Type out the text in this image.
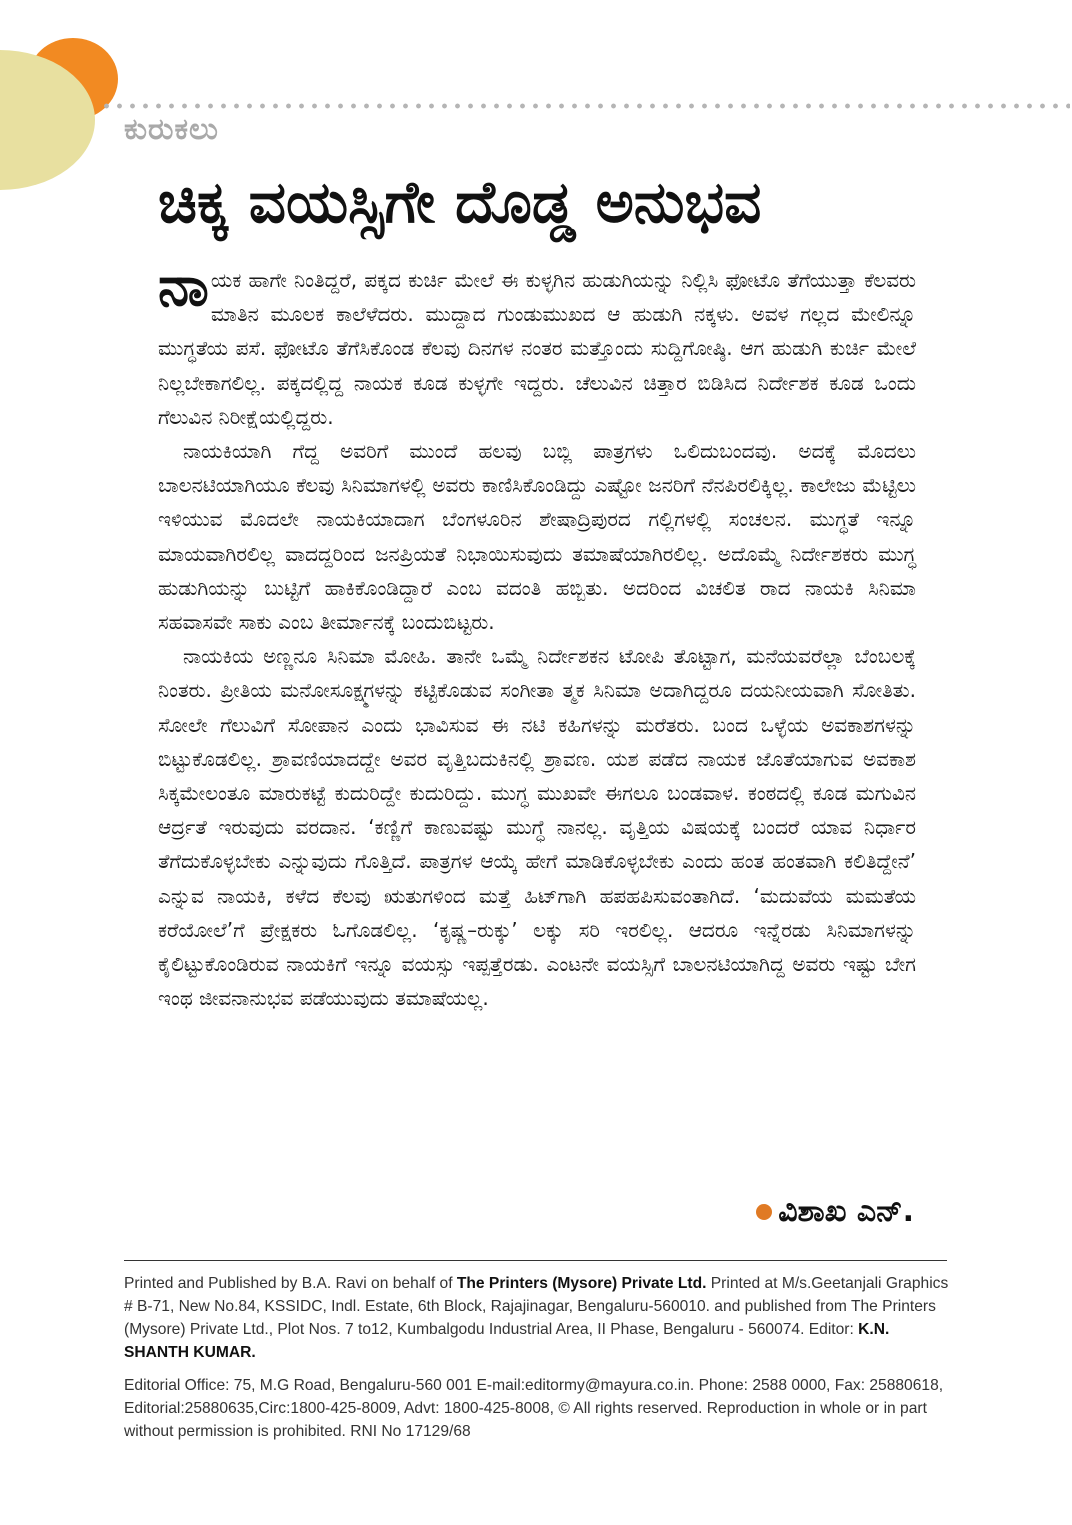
ಕುರುಕಲು
ಚಿಕ್ಕ ವಯಸ್ಸಿಗೇ ದೊಡ್ಡ ಅನುಭವ

ನಾಯಕ ಹಾಗೇ ನಿಂತಿದ್ದರೆ, ಪಕ್ಕದ ಕುರ್ಚಿ ಮೇಲೆ ಈ ಕುಳ್ಳಗಿನ ಹುಡುಗಿಯನ್ನು ನಿಲ್ಲಿಸಿ ಫೋಟೊ ತೆಗೆಯುತ್ತಾ ಕೆಲವರು ಮಾತಿನ ಮೂಲಕ ಕಾಲೆಳೆದರು. ಮುದ್ದಾದ ಗುಂಡುಮುಖದ ಆ ಹುಡುಗಿ ನಕ್ಕಳು. ಅವಳ ಗಲ್ಲದ ಮೇಲಿನ್ನೂ ಮುಗ್ಧತೆಯ ಪಸೆ. ಫೋಟೊ ತೆಗೆಸಿಕೊಂಡ ಕೆಲವು ದಿನಗಳ ನಂತರ ಮತ್ತೊಂದು ಸುದ್ದಿಗೋಷ್ಠಿ. ಆಗ ಹುಡುಗಿ ಕುರ್ಚಿ ಮೇಲೆ ನಿಲ್ಲಬೇಕಾಗಲಿಲ್ಲ. ಪಕ್ಕದಲ್ಲಿದ್ದ ನಾಯಕ ಕೂಡ ಕುಳ್ಳಗೇ ಇದ್ದರು. ಚೆಲುವಿನ ಚಿತ್ತಾರ ಬಿಡಿಸಿದ ನಿರ್ದೇಶಕ ಕೂಡ ಒಂದು ಗೆಲುವಿನ ನಿರೀಕ್ಷೆಯಲ್ಲಿದ್ದರು.

ನಾಯಕಿಯಾಗಿ ಗೆದ್ದ ಅವರಿಗೆ ಮುಂದೆ ಹಲವು ಬಬ್ಲಿ ಪಾತ್ರಗಳು ಒಲಿದುಬಂದವು. ಅದಕ್ಕೆ ಮೊದಲು ಬಾಲನಟಿಯಾಗಿಯೂ ಕೆಲವು ಸಿನಿಮಾಗಳಲ್ಲಿ ಅವರು ಕಾಣಿಸಿಕೊಂಡಿದ್ದು ಎಷ್ಟೋ ಜನರಿಗೆ ನೆನಪಿರಲಿಕ್ಕಿಲ್ಲ. ಕಾಲೇಜು ಮೆಟ್ಟಿಲು ಇಳಿಯುವ ಮೊದಲೇ ನಾಯಕಿಯಾದಾಗ ಬೆಂಗಳೂರಿನ ಶೇಷಾದ್ರಿಪುರದ ಗಲ್ಲಿಗಳಲ್ಲಿ ಸಂಚಲನ. ಮುಗ್ಧತೆ ಇನ್ನೂ ಮಾಯವಾಗಿರಲಿಲ್ಲ ವಾದದ್ದರಿಂದ ಜನಪ್ರಿಯತೆ ನಿಭಾಯಿಸುವುದು ತಮಾಷೆಯಾಗಿರಲಿಲ್ಲ. ಅದೊಮ್ಮೆ ನಿರ್ದೇಶಕರು ಮುಗ್ಧ ಹುಡುಗಿಯನ್ನು ಬುಟ್ಟಿಗೆ ಹಾಕಿಕೊಂಡಿದ್ದಾರೆ ಎಂಬ ವದಂತಿ ಹಬ್ಬಿತು. ಅದರಿಂದ ವಿಚಲಿತ ರಾದ ನಾಯಕಿ ಸಿನಿಮಾ ಸಹವಾಸವೇ ಸಾಕು ಎಂಬ ತೀರ್ಮಾನಕ್ಕೆ ಬಂದುಬಿಟ್ಟರು.

ನಾಯಕಿಯ ಅಣ್ಣನೂ ಸಿನಿಮಾ ಮೋಹಿ. ತಾನೇ ಒಮ್ಮೆ ನಿರ್ದೇಶಕನ ಟೋಪಿ ತೊಟ್ಟಾಗ, ಮನೆಯವರೆಲ್ಲಾ ಬೆಂಬಲಕ್ಕೆ ನಿಂತರು. ಪ್ರೀತಿಯ ಮನೋಸೂಕ್ಷ್ಮಗಳನ್ನು ಕಟ್ಟಿಕೊಡುವ ಸಂಗೀತಾ ತ್ಮಕ ಸಿನಿಮಾ ಅದಾಗಿದ್ದರೂ ದಯನೀಯವಾಗಿ ಸೋತಿತು. ಸೋಲೇ ಗೆಲುವಿಗೆ ಸೋಪಾನ ಎಂದು ಭಾವಿಸುವ ಈ ನಟಿ ಕಹಿಗಳನ್ನು ಮರೆತರು. ಬಂದ ಒಳ್ಳೆಯ ಅವಕಾಶಗಳನ್ನು ಬಿಟ್ಟುಕೊಡಲಿಲ್ಲ. ಶ್ರಾವಣಿಯಾದದ್ದೇ ಅವರ ವೃತ್ತಿಬದುಕಿನಲ್ಲಿ ಶ್ರಾವಣ. ಯಶ ಪಡೆದ ನಾಯಕ ಜೊತೆಯಾಗುವ ಅವಕಾಶ ಸಿಕ್ಕಮೇಲಂತೂ ಮಾರುಕಟ್ಟೆ ಕುದುರಿದ್ದೇ ಕುದುರಿದ್ದು. ಮುಗ್ಧ ಮುಖವೇ ಈಗಲೂ ಬಂಡವಾಳ. ಕಂಠದಲ್ಲಿ ಕೂಡ ಮಗುವಿನ ಆರ್ದ್ರತೆ ಇರುವುದು ವರದಾನ. ‘ಕಣ್ಣಿಗೆ ಕಾಣುವಷ್ಟು ಮುಗ್ಧೆ ನಾನಲ್ಲ. ವೃತ್ತಿಯ ವಿಷಯಕ್ಕೆ ಬಂದರೆ ಯಾವ ನಿರ್ಧಾರ ತೆಗೆದುಕೊಳ್ಳಬೇಕು ಎನ್ನುವುದು ಗೊತ್ತಿದೆ. ಪಾತ್ರಗಳ ಆಯ್ಕೆ ಹೇಗೆ ಮಾಡಿಕೊಳ್ಳಬೇಕು ಎಂದು ಹಂತ ಹಂತವಾಗಿ ಕಲಿತಿದ್ದೇನೆ’ ಎನ್ನುವ ನಾಯಕಿ, ಕಳೆದ ಕೆಲವು ಋತುಗಳಿಂದ ಮತ್ತೆ ಹಿಟ್‌ಗಾಗಿ ಹಪಹಪಿಸುವಂತಾಗಿದೆ. ‘ಮದುವೆಯ ಮಮತೆಯ ಕರೆಯೋಲೆ’ಗೆ ಪ್ರೇಕ್ಷಕರು ಓಗೊಡಲಿಲ್ಲ. ‘ಕೃಷ್ಣ–ರುಕ್ಕು’ ಲಕ್ಕು ಸರಿ ಇರಲಿಲ್ಲ. ಆದರೂ ಇನ್ನೆರಡು ಸಿನಿಮಾಗಳನ್ನು ಕೈಲಿಟ್ಟುಕೊಂಡಿರುವ ನಾಯಕಿಗೆ ಇನ್ನೂ ವಯಸ್ಸು ಇಪ್ಪತ್ತೆರಡು. ಎಂಟನೇ ವಯಸ್ಸಿಗೆ ಬಾಲನಟಿಯಾಗಿದ್ದ ಅವರು ಇಷ್ಟು ಬೇಗ ಇಂಥ ಜೀವನಾನುಭವ ಪಡೆಯುವುದು ತಮಾಷೆಯಲ್ಲ.

ವಿಶಾಖ ಎನ್.

Printed and Published by B.A. Ravi on behalf of The Printers (Mysore) Private Ltd. Printed at M/s.Geetanjali Graphics # B-71, New No.84, KSSIDC, Indl. Estate, 6th Block, Rajajinagar, Bengaluru-560010. and published from The Printers (Mysore) Private Ltd., Plot Nos. 7 to12, Kumbalgodu Industrial Area, II Phase, Bengaluru - 560074. Editor: K.N. SHANTH KUMAR.

Editorial Office: 75, M.G Road, Bengaluru-560 001 E-mail:editormy@mayura.co.in. Phone: 2588 0000, Fax: 25880618, Editorial:25880635,Circ:1800-425-8009, Advt: 1800-425-8008, © All rights reserved. Reproduction in whole or in part without permission is prohibited. RNI No 17129/68
